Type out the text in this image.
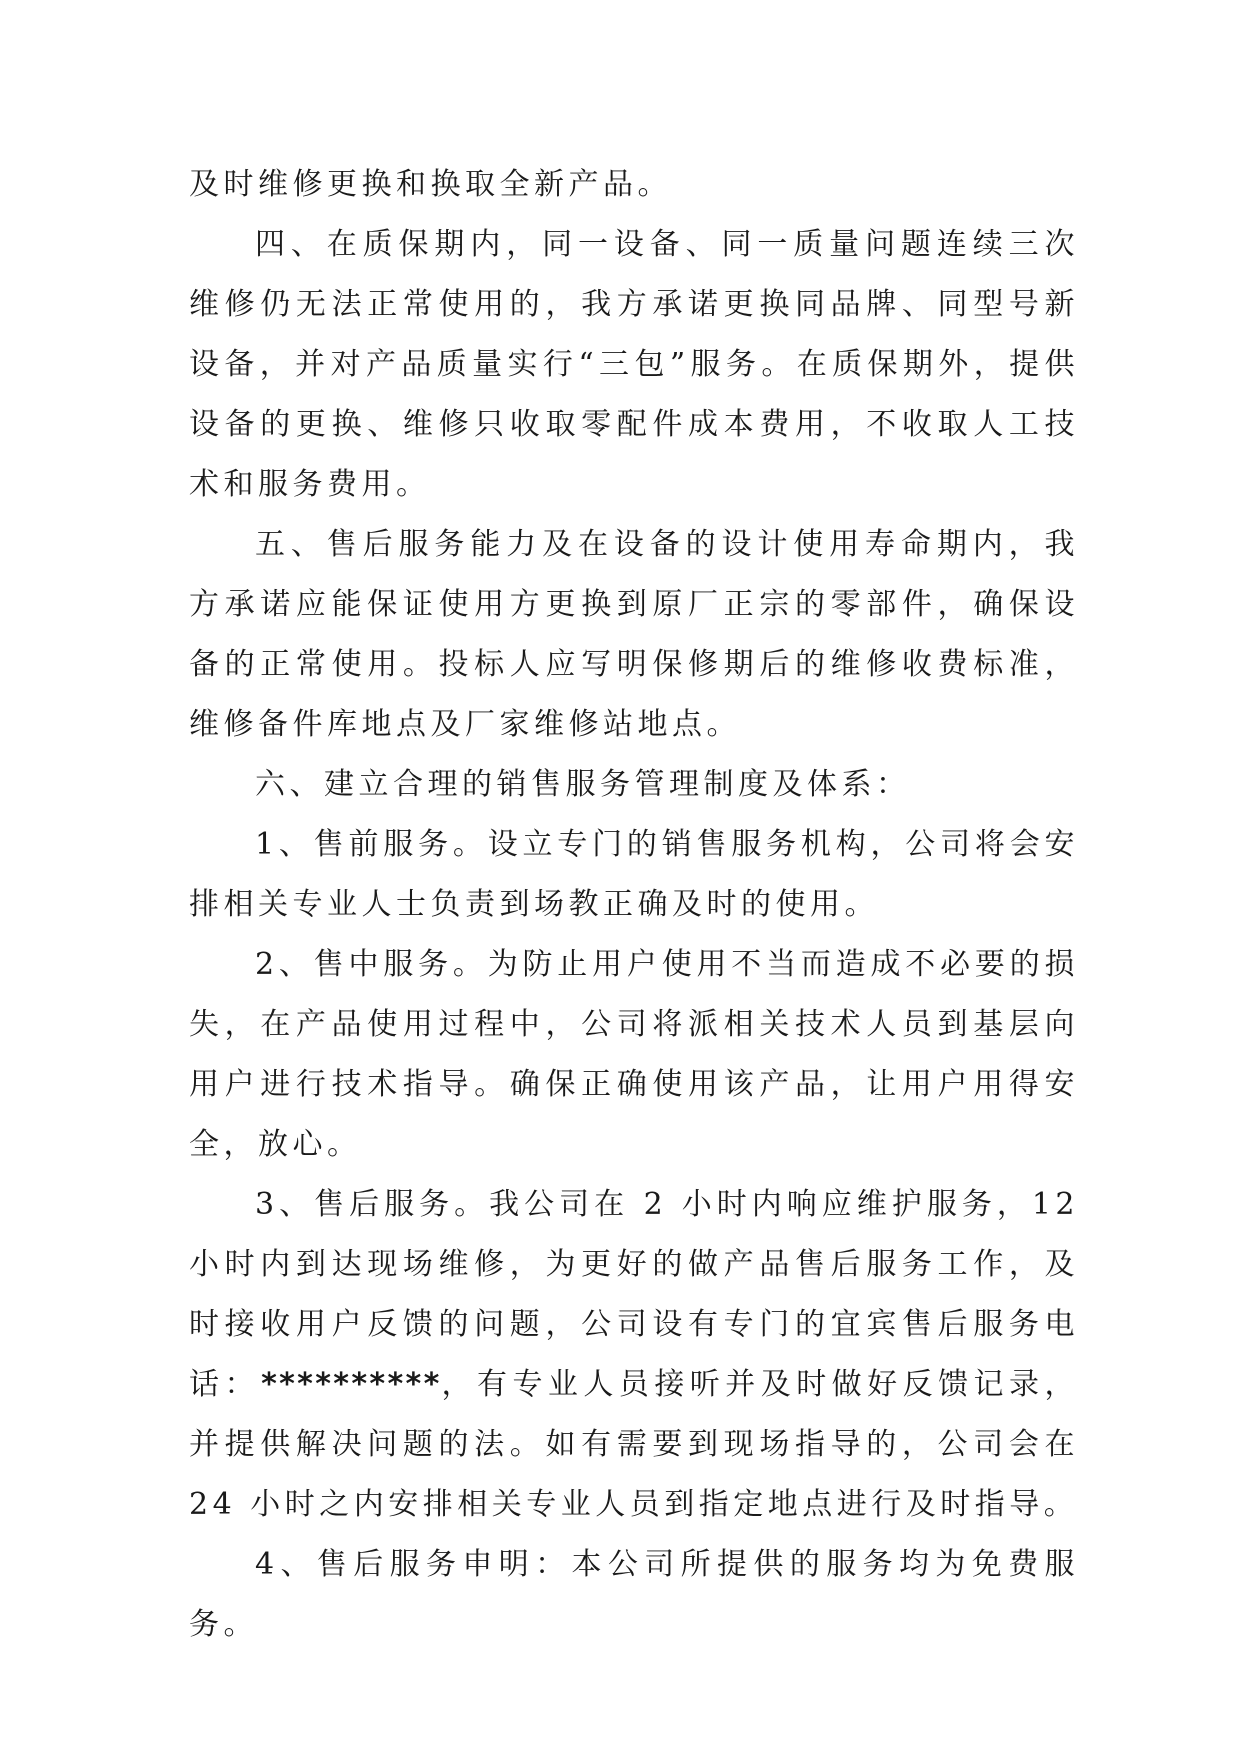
及时维修更换和换取全新产品。

四、在质保期内，同一设备、同一质量问题连续三次维修仍无法正常使用的，我方承诺更换同品牌、同型号新设备，并对产品质量实行“三包”服务。在质保期外，提供设备的更换、维修只收取零配件成本费用，不收取人工技术和服务费用。

五、售后服务能力及在设备的设计使用寿命期内，我方承诺应能保证使用方更换到原厂正宗的零部件，确保设备的正常使用。投标人应写明保修期后的维修收费标准，维修备件库地点及厂家维修站地点。

六、建立合理的销售服务管理制度及体系：

1、售前服务。设立专门的销售服务机构，公司将会安排相关专业人士负责到场教正确及时的使用。

2、售中服务。为防止用户使用不当而造成不必要的损失，在产品使用过程中，公司将派相关技术人员到基层向用户进行技术指导。确保正确使用该产品，让用户用得安全，放心。

3、售后服务。我公司在 2 小时内响应维护服务，12 小时内到达现场维修，为更好的做产品售后服务工作，及时接收用户反馈的问题，公司设有专门的宜宾售后服务电话：**********，有专业人员接听并及时做好反馈记录，并提供解决问题的法。如有需要到现场指导的，公司会在 24 小时之内安排相关专业人员到指定地点进行及时指导。

4、售后服务申明：本公司所提供的服务均为免费服务。
